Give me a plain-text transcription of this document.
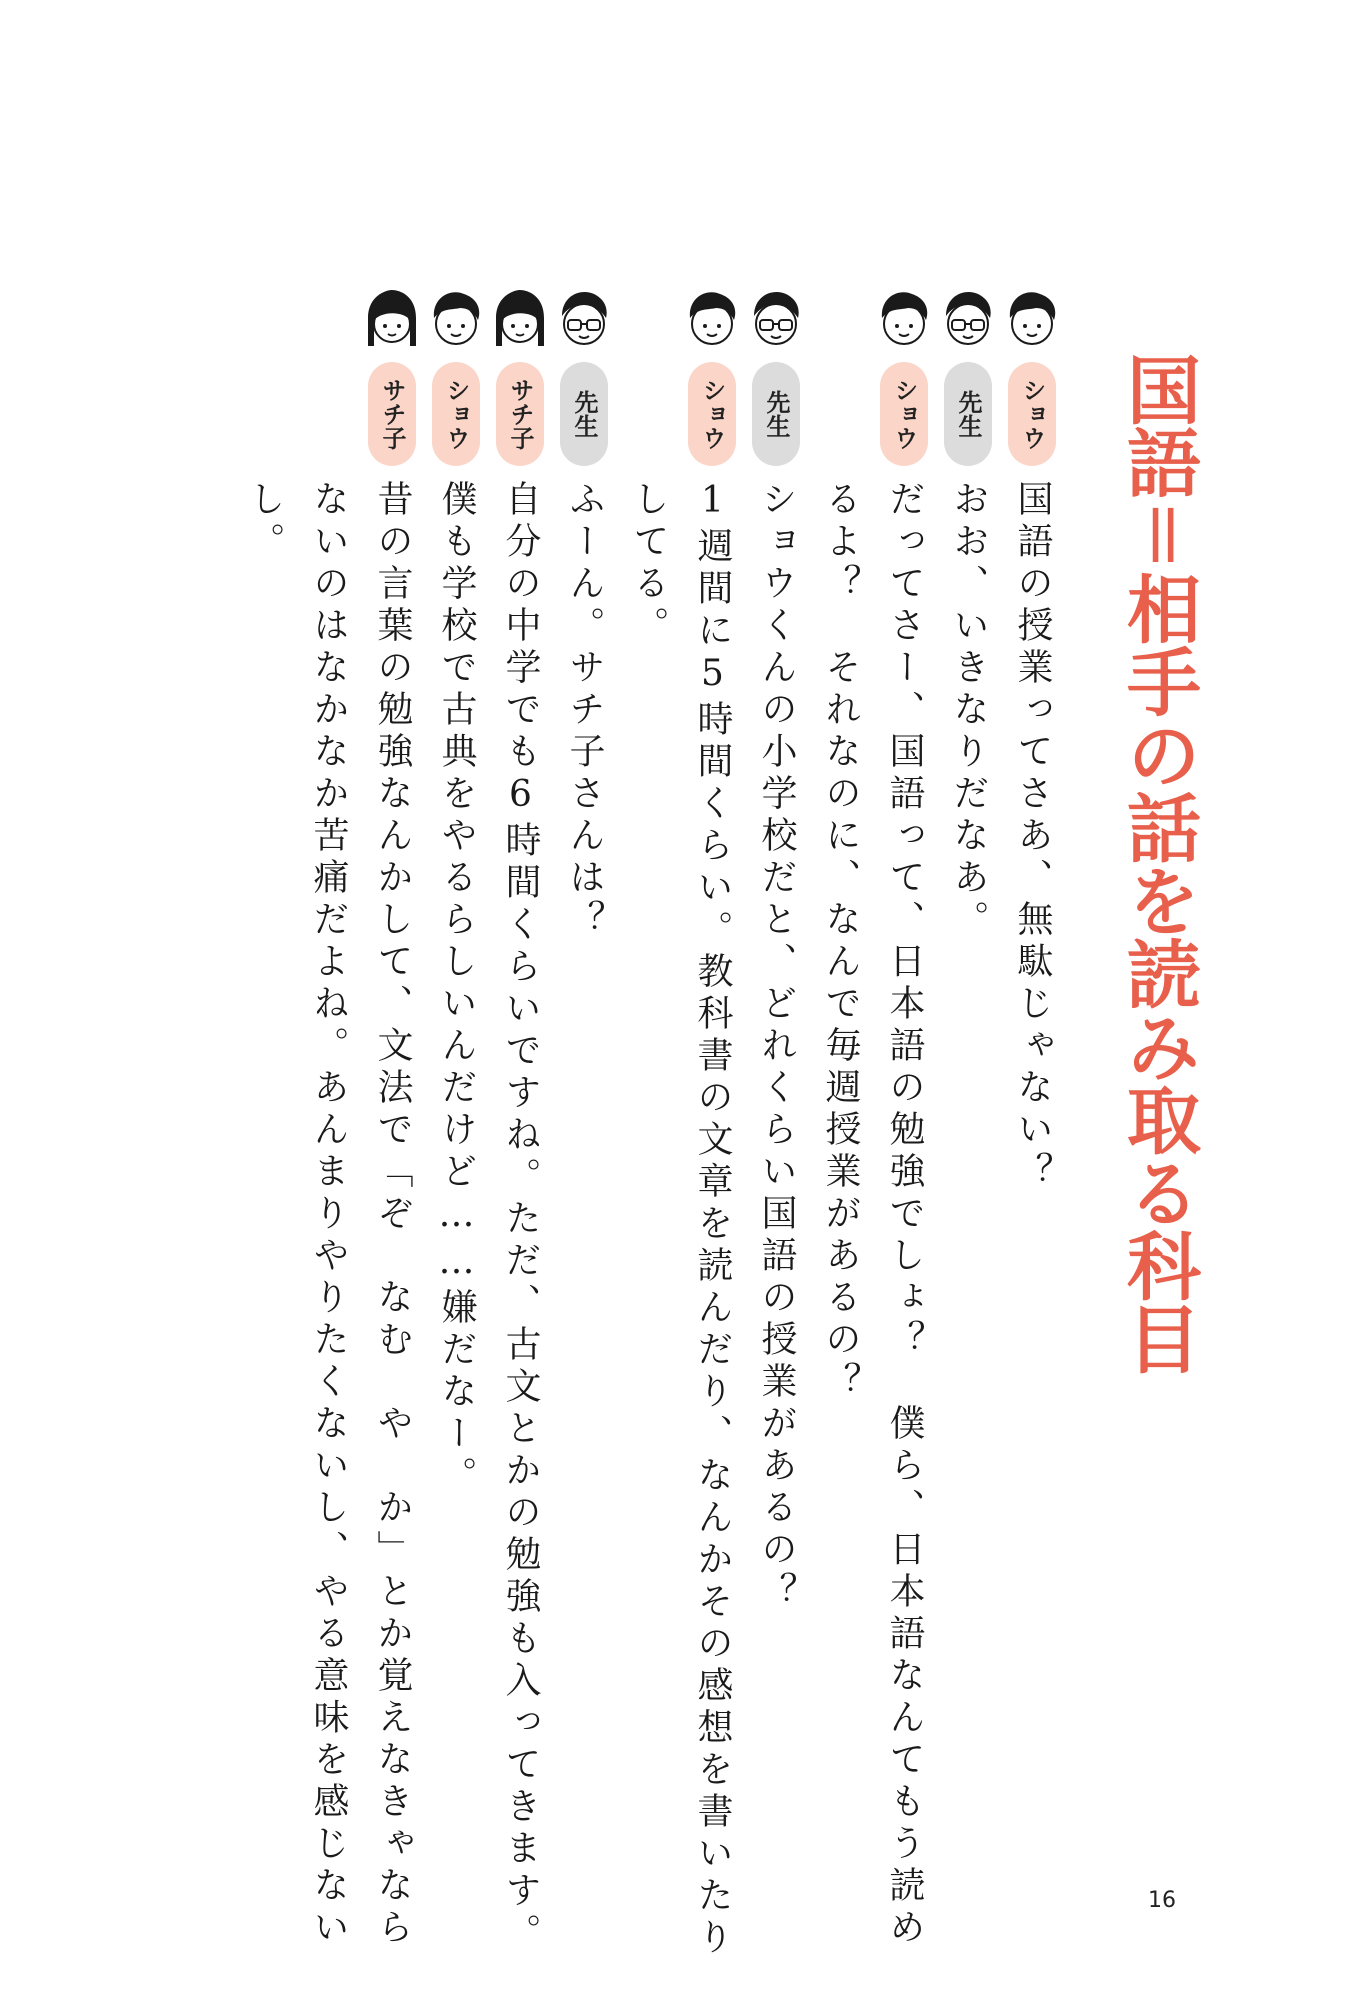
国語＝相手の話を読み取る科目
ショウ
国語の授業ってさあ、無駄じゃない？
先生
おお、いきなりだなあ。
ショウ
だってさー、国語って、日本語の勉強でしょ？　僕ら、日本語なんてもう読め
るよ？　それなのに、なんで毎週授業があるの？
先生
ショウくんの小学校だと、どれくらい国語の授業があるの？
ショウ
1週間に5時間くらい。教科書の文章を読んだり、なんかその感想を書いたり
してる。
先生
ふーん。サチ子さんは？
サチ子
自分の中学でも6時間くらいですね。ただ、古文とかの勉強も入ってきます。
ショウ
僕も学校で古典をやるらしいんだけど……嫌だなー。
サチ子
昔の言葉の勉強なんかして、文法で「ぞ　なむ　や　か」とか覚えなきゃなら
ないのはなかなか苦痛だよね。あんまりやりたくないし、やる意味を感じない
し。
16
